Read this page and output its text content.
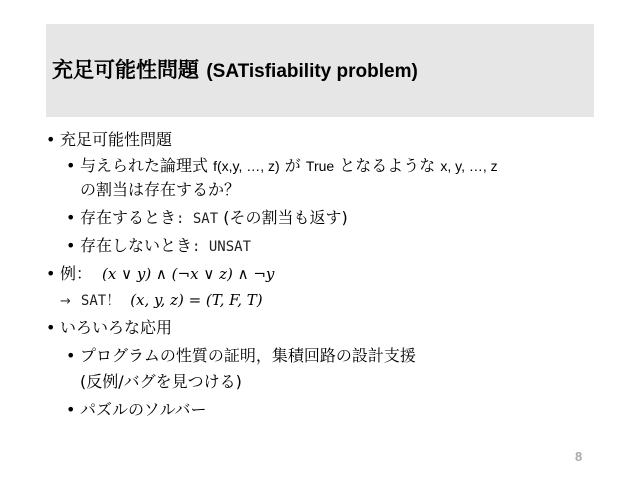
充足可能性問題 (SATisfiability problem)
• 充足可能性問題
• 与えられた論理式 f(x,y, …, z) が True となるような x, y, …, z
の割当は存在するか？
• 存在するとき: SAT (その割当も返す)
• 存在しないとき: UNSAT
• 例： (x ∨ y) ∧ (¬x ∨ z) ∧ ¬y
→ SAT！ (x, y, z) = (T, F, T)
• いろいろな応用
• プログラムの性質の証明，集積回路の設計支援
(反例/バグを見つける)
• パズルのソルバー
8
